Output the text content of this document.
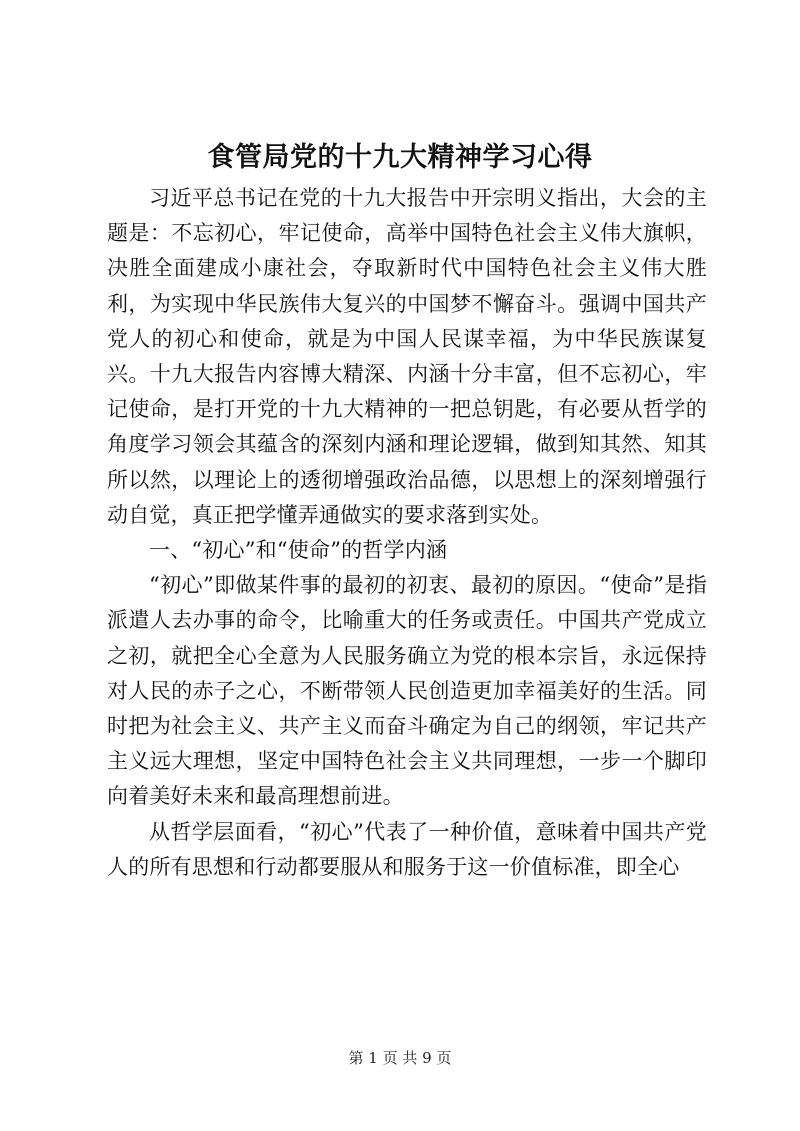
食管局党的十九大精神学习心得

习近平总书记在党的十九大报告中开宗明义指出，大会的主题是：不忘初心，牢记使命，高举中国特色社会主义伟大旗帜，决胜全面建成小康社会，夺取新时代中国特色社会主义伟大胜利，为实现中华民族伟大复兴的中国梦不懈奋斗。强调中国共产党人的初心和使命，就是为中国人民谋幸福，为中华民族谋复兴。十九大报告内容博大精深、内涵十分丰富，但不忘初心，牢记使命，是打开党的十九大精神的一把总钥匙，有必要从哲学的角度学习领会其蕴含的深刻内涵和理论逻辑，做到知其然、知其所以然，以理论上的透彻增强政治品德，以思想上的深刻增强行动自觉，真正把学懂弄通做实的要求落到实处。

一、“初心”和“使命”的哲学内涵

“初心”即做某件事的最初的初衷、最初的原因。“使命”是指派遣人去办事的命令，比喻重大的任务或责任。中国共产党成立之初，就把全心全意为人民服务确立为党的根本宗旨，永远保持对人民的赤子之心，不断带领人民创造更加幸福美好的生活。同时把为社会主义、共产主义而奋斗确定为自己的纲领，牢记共产主义远大理想，坚定中国特色社会主义共同理想，一步一个脚印向着美好未来和最高理想前进。

从哲学层面看，“初心”代表了一种价值，意味着中国共产党人的所有思想和行动都要服从和服务于这一价值标准，即全心

第 1 页 共 9 页
